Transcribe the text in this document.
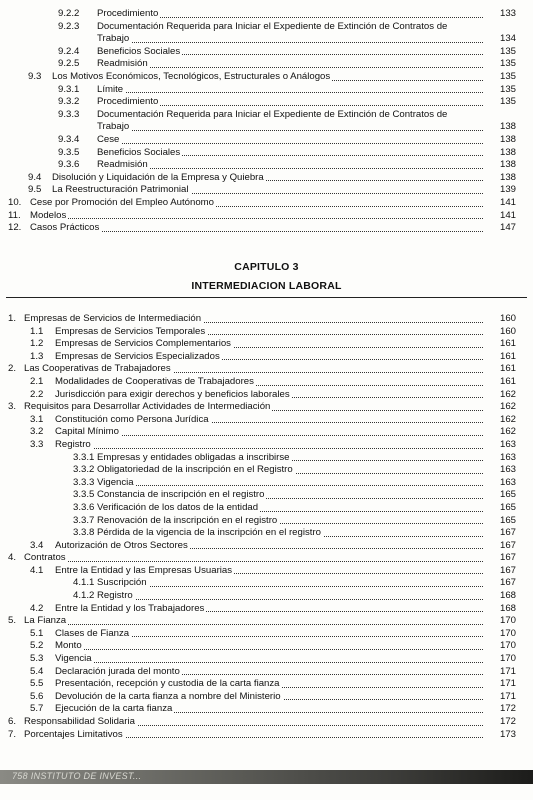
9.2.2 Procedimiento	133
9.2.3 Documentación Requerida para Iniciar el Expediente de Extinción de Contratos de
Trabajo	134
9.2.4 Beneficios Sociales	135
9.2.5 Readmisión	135
9.3 Los Motivos Económicos, Tecnológicos, Estructurales o Análogos	135
9.3.1 Límite	135
9.3.2 Procedimiento	135
9.3.3 Documentación Requerida para Iniciar el Expediente de Extinción de Contratos de
Trabajo	138
9.3.4 Cese	138
9.3.5 Beneficios Sociales	138
9.3.6 Readmisión	138
9.4 Disolución y Liquidación de la Empresa y Quiebra	138
9.5 La Reestructuración Patrimonial	139
10. Cese por Promoción del Empleo Autónomo	141
11. Modelos	141
12. Casos Prácticos	147
CAPITULO 3
INTERMEDIACION LABORAL
1. Empresas de Servicios de Intermediación	160
1.1 Empresas de Servicios Temporales	160
1.2 Empresas de Servicios Complementarios	161
1.3 Empresas de Servicios Especializados	161
2. Las Cooperativas de Trabajadores	161
2.1 Modalidades de Cooperativas de Trabajadores	161
2.2 Jurisdicción para exigir derechos y beneficios laborales	162
3. Requisitos para Desarrollar Actividades de Intermediación	162
3.1 Constitución como Persona Jurídica	162
3.2 Capital Mínimo	162
3.3 Registro	163
3.3.1 Empresas y entidades obligadas a inscribirse	163
3.3.2 Obligatoriedad de la inscripción en el Registro	163
3.3.3 Vigencia	163
3.3.5 Constancia de inscripción en el registro	165
3.3.6 Verificación de los datos de la entidad	165
3.3.7 Renovación de la inscripción en el registro	165
3.3.8 Pérdida de la vigencia de la inscripción en el registro	167
3.4 Autorización de Otros Sectores	167
4. Contratos	167
4.1 Entre la Entidad y las Empresas Usuarias	167
4.1.1 Suscripción	167
4.1.2 Registro	168
4.2 Entre la Entidad y los Trabajadores	168
5. La Fianza	170
5.1 Clases de Fianza	170
5.2 Monto	170
5.3 Vigencia	170
5.4 Declaración jurada del monto	171
5.5 Presentación, recepción y custodia de la carta fianza	171
5.6 Devolución de la carta fianza a nombre del Ministerio	171
5.7 Ejecución de la carta fianza	172
6. Responsabilidad Solidaria	172
7. Porcentajes Limitativos	173
758 INSTITUTO DE INVEST...
